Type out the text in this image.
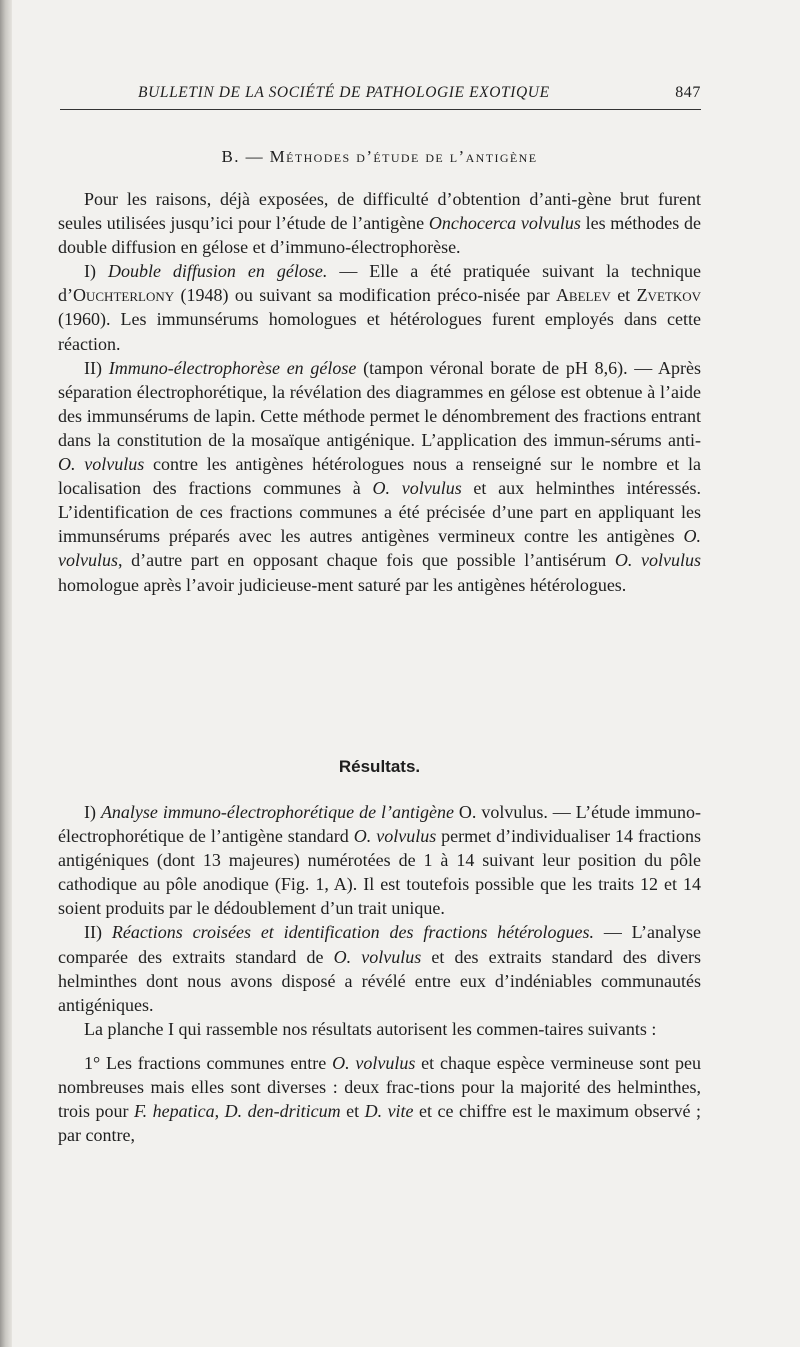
BULLETIN DE LA SOCIÉTÉ DE PATHOLOGIE EXOTIQUE	847
B. — Méthodes d’étude de l’antigène

Pour les raisons, déjà exposées, de difficulté d’obtention d’anti-gène brut furent seules utilisées jusqu’ici pour l’étude de l’antigène Onchocerca volvulus les méthodes de double diffusion en gélose et d’immuno-électrophorèse.

I) Double diffusion en gélose. — Elle a été pratiquée suivant la technique d’Ouchterlony (1948) ou suivant sa modification préco-nisée par Abelev et Zvetkov (1960). Les immunsérums homologues et hétérologues furent employés dans cette réaction.

II) Immuno-électrophorèse en gélose (tampon véronal borate de pH 8,6). — Après séparation électrophorétique, la révélation des diagrammes en gélose est obtenue à l’aide des immunsérums de lapin. Cette méthode permet le dénombrement des fractions entrant dans la constitution de la mosaïque antigénique. L’application des immun-sérums anti- O. volvulus contre les antigènes hétérologues nous a renseigné sur le nombre et la localisation des fractions communes à O. volvulus et aux helminthes intéressés. L’identification de ces fractions communes a été précisée d’une part en appliquant les immunsérums préparés avec les autres antigènes vermineux contre les antigènes O. volvulus, d’autre part en opposant chaque fois que possible l’antisérum O. volvulus homologue après l’avoir judicieuse-ment saturé par les antigènes hétérologues.

Résultats.

I) Analyse immuno-électrophorétique de l’antigène O. volvulus. — L’étude immuno-électrophorétique de l’antigène standard O. volvulus permet d’individualiser 14 fractions antigéniques (dont 13 majeures) numérotées de 1 à 14 suivant leur position du pôle cathodique au pôle anodique (Fig. 1, A). Il est toutefois possible que les traits 12 et 14 soient produits par le dédoublement d’un trait unique.

II) Réactions croisées et identification des fractions hétérologues. — L’analyse comparée des extraits standard de O. volvulus et des extraits standard des divers helminthes dont nous avons disposé a révélé entre eux d’indéniables communautés antigéniques.

La planche I qui rassemble nos résultats autorisent les commen-taires suivants :

1° Les fractions communes entre O. volvulus et chaque espèce vermineuse sont peu nombreuses mais elles sont diverses : deux frac-tions pour la majorité des helminthes, trois pour F. hepatica, D. den-driticum et D. vite et ce chiffre est le maximum observé ; par contre,
